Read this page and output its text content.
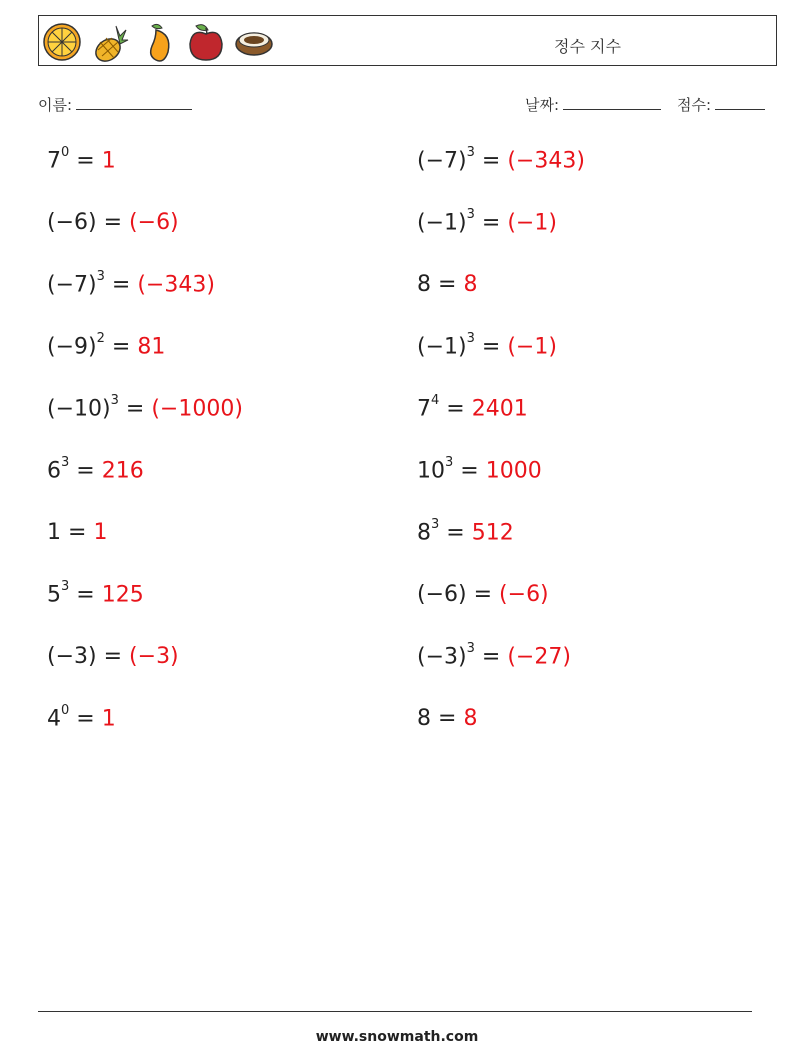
정수 지수
이름:	날짜:	점수:
$7^0 = 1$
(−6) = (−6)
$(-7)^3 = (-343)$
$(-9)^2 = 81$
$(-10)^3 = (-1000)$
$6^3 = 216$
1 = 1
$5^3 = 125$
(−3) = (−3)
$4^0 = 1$
$(-7)^3 = (-343)$
$(-1)^3 = (-1)$
8 = 8
$(-1)^3 = (-1)$
$7^4 = 2401$
$10^3 = 1000$
$8^3 = 512$
(−6) = (−6)
$(-3)^3 = (-27)$
8 = 8
www.snowmath.com
